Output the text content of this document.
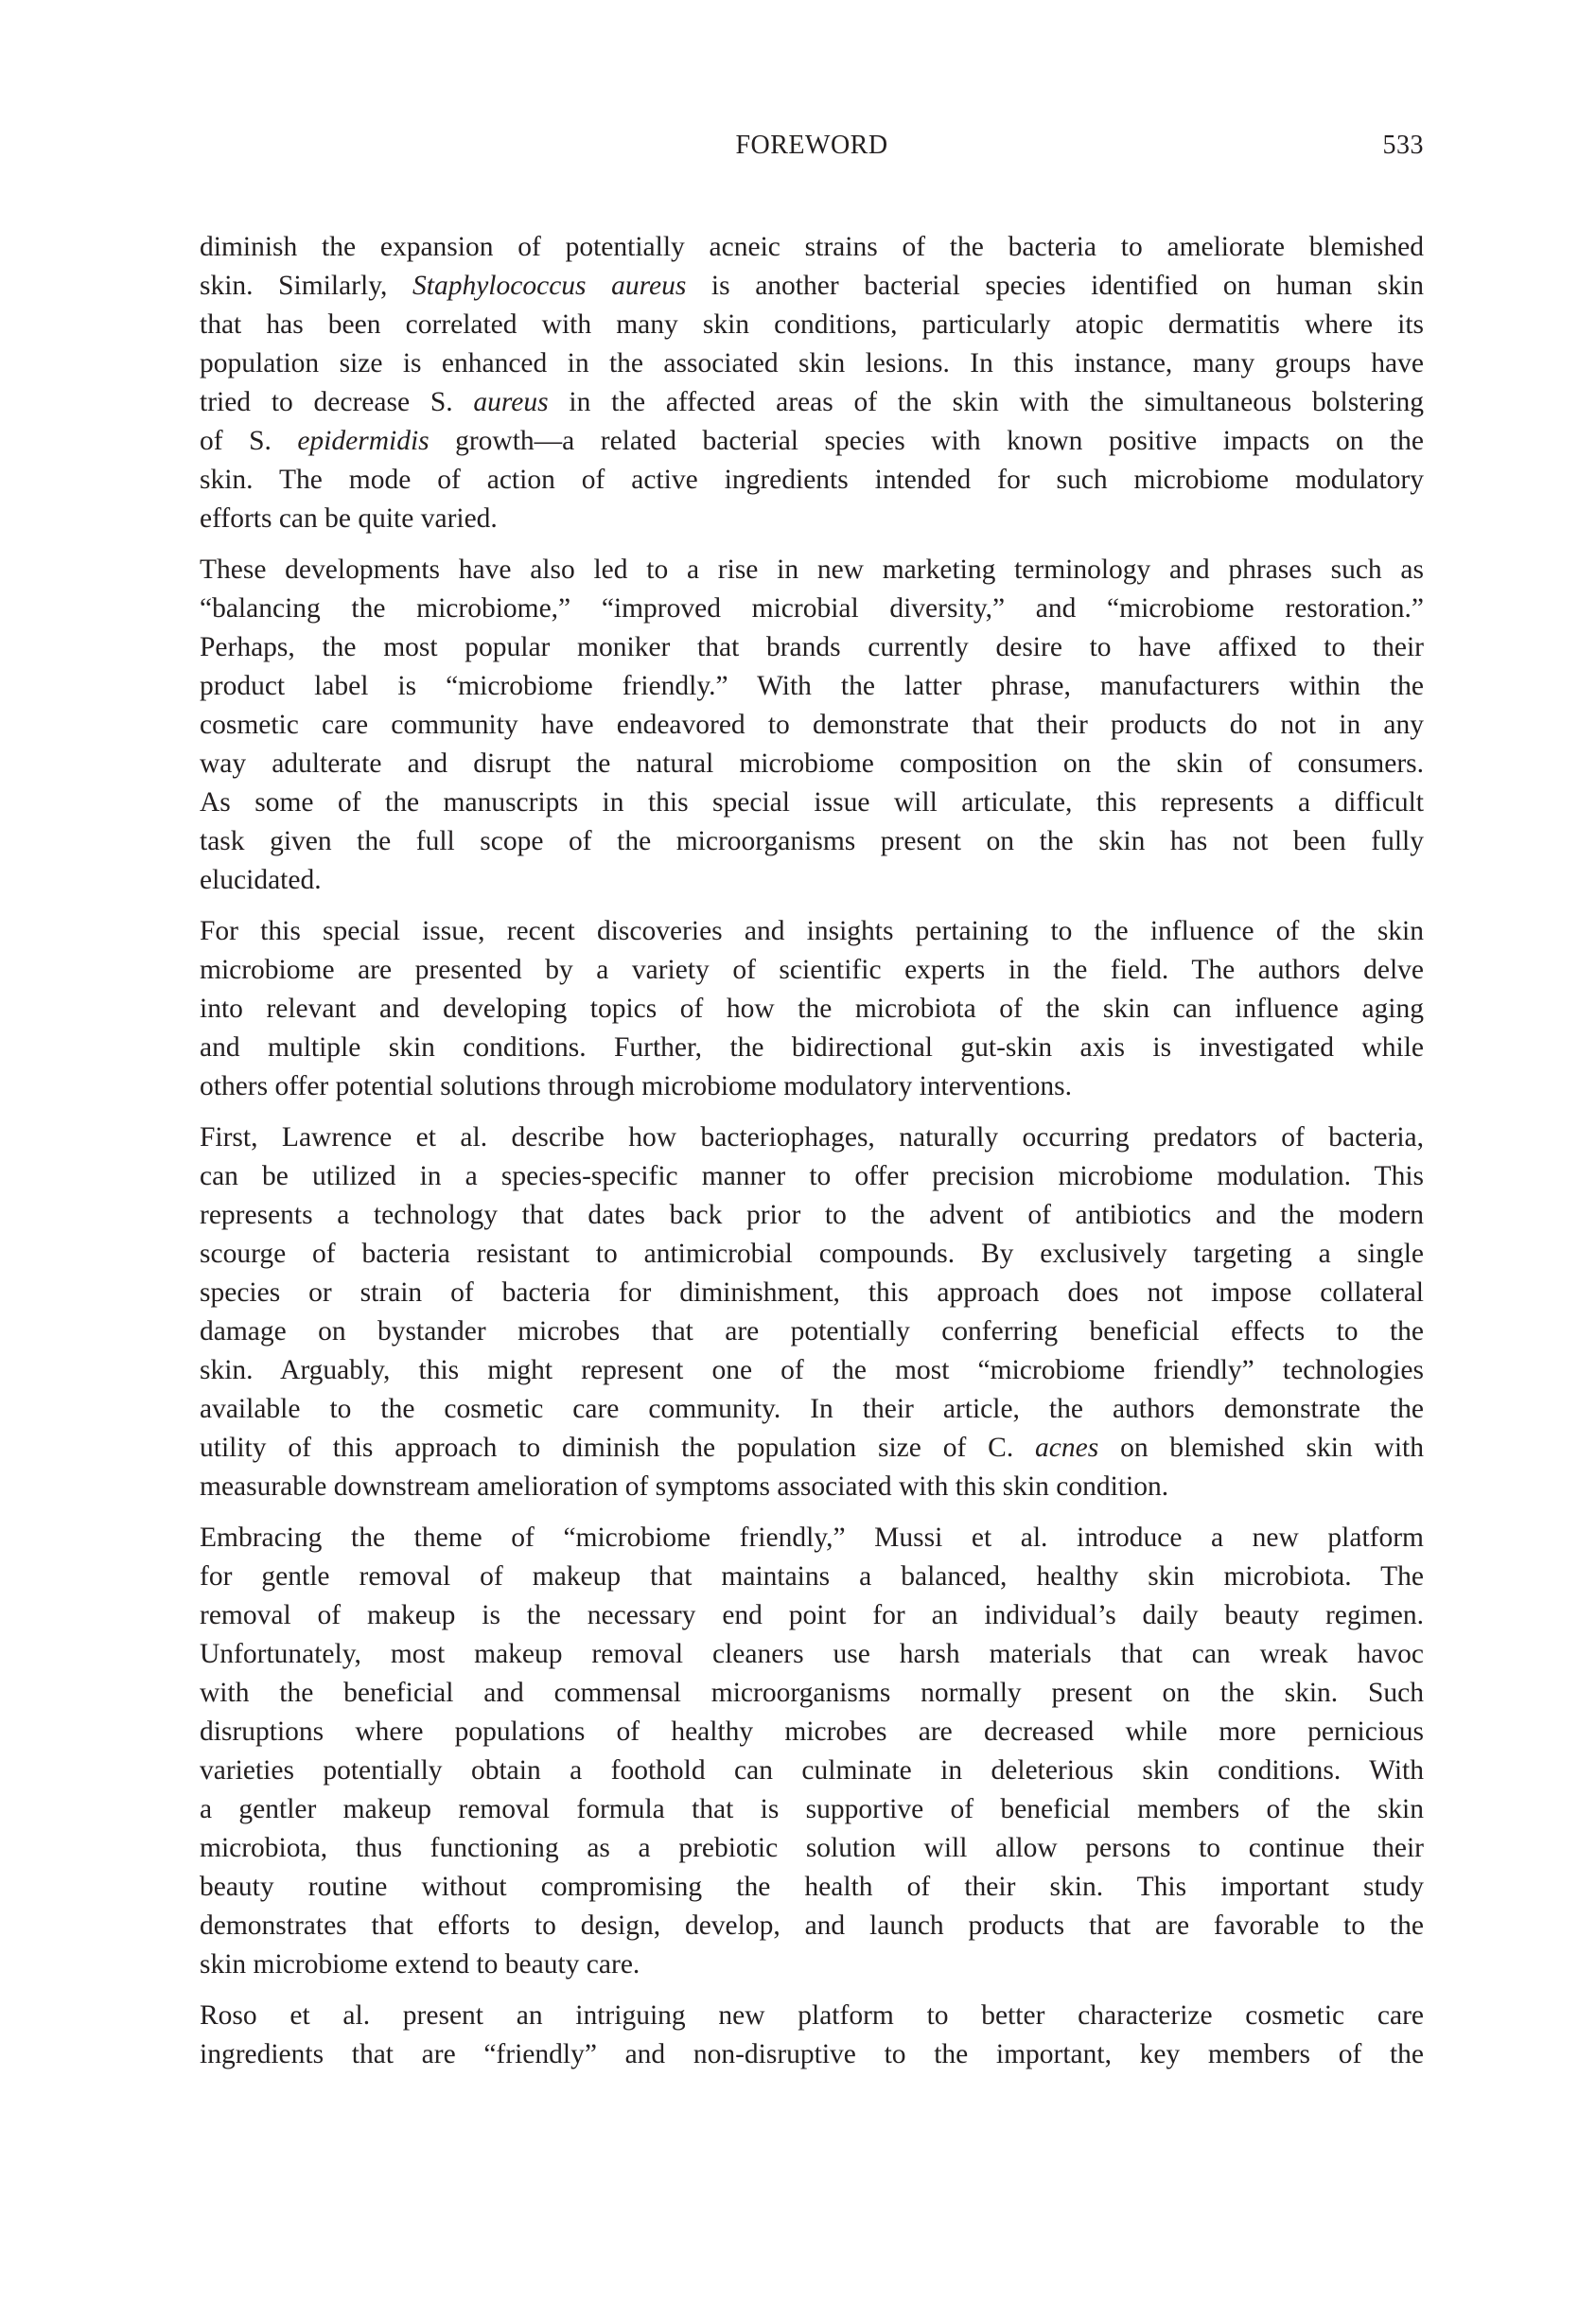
FOREWORD	533
diminish the expansion of potentially acneic strains of the bacteria to ameliorate blemished
skin. Similarly, Staphylococcus aureus is another bacterial species identified on human skin
that has been correlated with many skin conditions, particularly atopic dermatitis where its
population size is enhanced in the associated skin lesions. In this instance, many groups have
tried to decrease S. aureus in the affected areas of the skin with the simultaneous bolstering
of S. epidermidis growth—a related bacterial species with known positive impacts on the
skin. The mode of action of active ingredients intended for such microbiome modulatory
efforts can be quite varied.
These developments have also led to a rise in new marketing terminology and phrases such as
“balancing the microbiome,” “improved microbial diversity,” and “microbiome restoration.”
Perhaps, the most popular moniker that brands currently desire to have affixed to their
product label is “microbiome friendly.” With the latter phrase, manufacturers within the
cosmetic care community have endeavored to demonstrate that their products do not in any
way adulterate and disrupt the natural microbiome composition on the skin of consumers.
As some of the manuscripts in this special issue will articulate, this represents a difficult
task given the full scope of the microorganisms present on the skin has not been fully
elucidated.
For this special issue, recent discoveries and insights pertaining to the influence of the skin
microbiome are presented by a variety of scientific experts in the field. The authors delve
into relevant and developing topics of how the microbiota of the skin can influence aging
and multiple skin conditions. Further, the bidirectional gut-skin axis is investigated while
others offer potential solutions through microbiome modulatory interventions.
First, Lawrence et al. describe how bacteriophages, naturally occurring predators of bacteria,
can be utilized in a species-specific manner to offer precision microbiome modulation. This
represents a technology that dates back prior to the advent of antibiotics and the modern
scourge of bacteria resistant to antimicrobial compounds. By exclusively targeting a single
species or strain of bacteria for diminishment, this approach does not impose collateral
damage on bystander microbes that are potentially conferring beneficial effects to the
skin. Arguably, this might represent one of the most “microbiome friendly” technologies
available to the cosmetic care community. In their article, the authors demonstrate the
utility of this approach to diminish the population size of C. acnes on blemished skin with
measurable downstream amelioration of symptoms associated with this skin condition.
Embracing the theme of “microbiome friendly,” Mussi et al. introduce a new platform
for gentle removal of makeup that maintains a balanced, healthy skin microbiota. The
removal of makeup is the necessary end point for an individual’s daily beauty regimen.
Unfortunately, most makeup removal cleaners use harsh materials that can wreak havoc
with the beneficial and commensal microorganisms normally present on the skin. Such
disruptions where populations of healthy microbes are decreased while more pernicious
varieties potentially obtain a foothold can culminate in deleterious skin conditions. With
a gentler makeup removal formula that is supportive of beneficial members of the skin
microbiota, thus functioning as a prebiotic solution will allow persons to continue their
beauty routine without compromising the health of their skin. This important study
demonstrates that efforts to design, develop, and launch products that are favorable to the
skin microbiome extend to beauty care.
Roso et al. present an intriguing new platform to better characterize cosmetic care
ingredients that are “friendly” and non-disruptive to the important, key members of the
